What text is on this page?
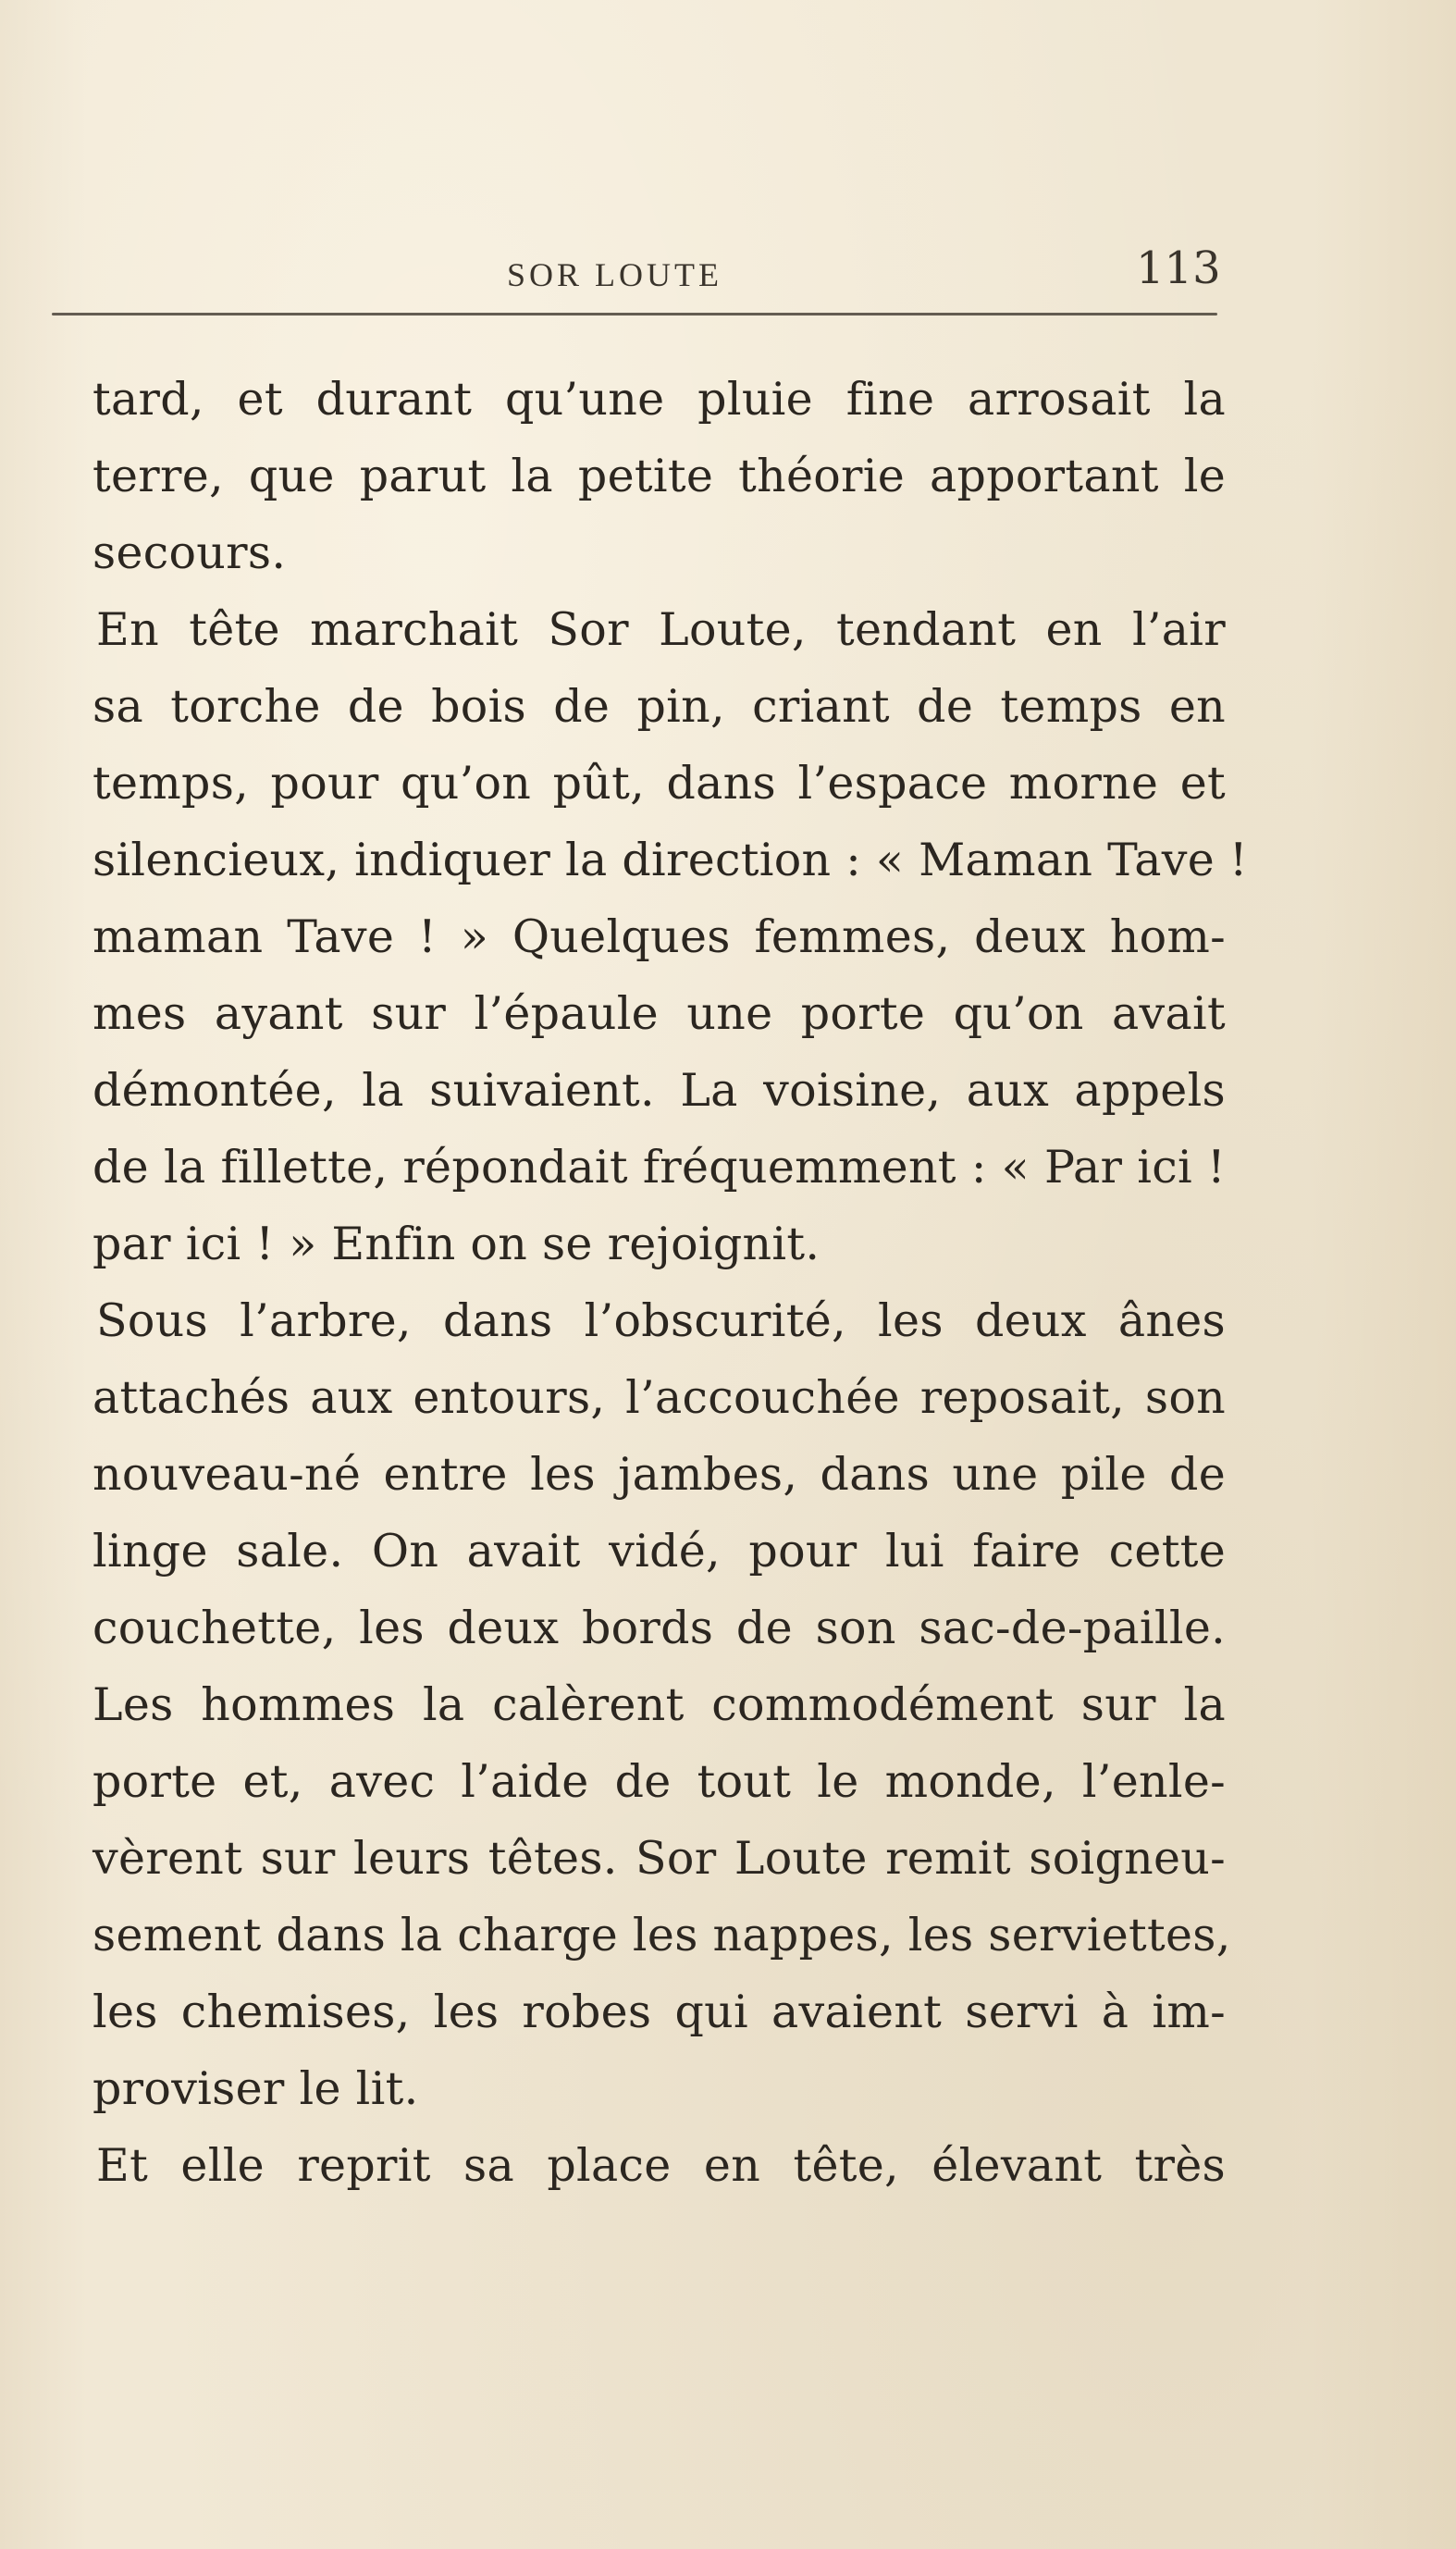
SOR LOUTE	113
tard, et durant qu’une pluie fine arrosait la
terre, que parut la petite théorie apportant le
secours.
En tête marchait Sor Loute, tendant en l’air
sa torche de bois de pin, criant de temps en
temps, pour qu’on pût, dans l’espace morne et
silencieux, indiquer la direction : « Maman Tave !
maman Tave ! » Quelques femmes, deux hom-
mes ayant sur l’épaule une porte qu’on avait
démontée, la suivaient. La voisine, aux appels
de la fillette, répondait fréquemment : « Par ici !
par ici ! » Enfin on se rejoignit.
Sous l’arbre, dans l’obscurité, les deux ânes
attachés aux entours, l’accouchée reposait, son
nouveau-né entre les jambes, dans une pile de
linge sale. On avait vidé, pour lui faire cette
couchette, les deux bords de son sac-de-paille.
Les hommes la calèrent commodément sur la
porte et, avec l’aide de tout le monde, l’enle-
vèrent sur leurs têtes. Sor Loute remit soigneu-
sement dans la charge les nappes, les serviettes,
les chemises, les robes qui avaient servi à im-
proviser le lit.
Et elle reprit sa place en tête, élevant très
